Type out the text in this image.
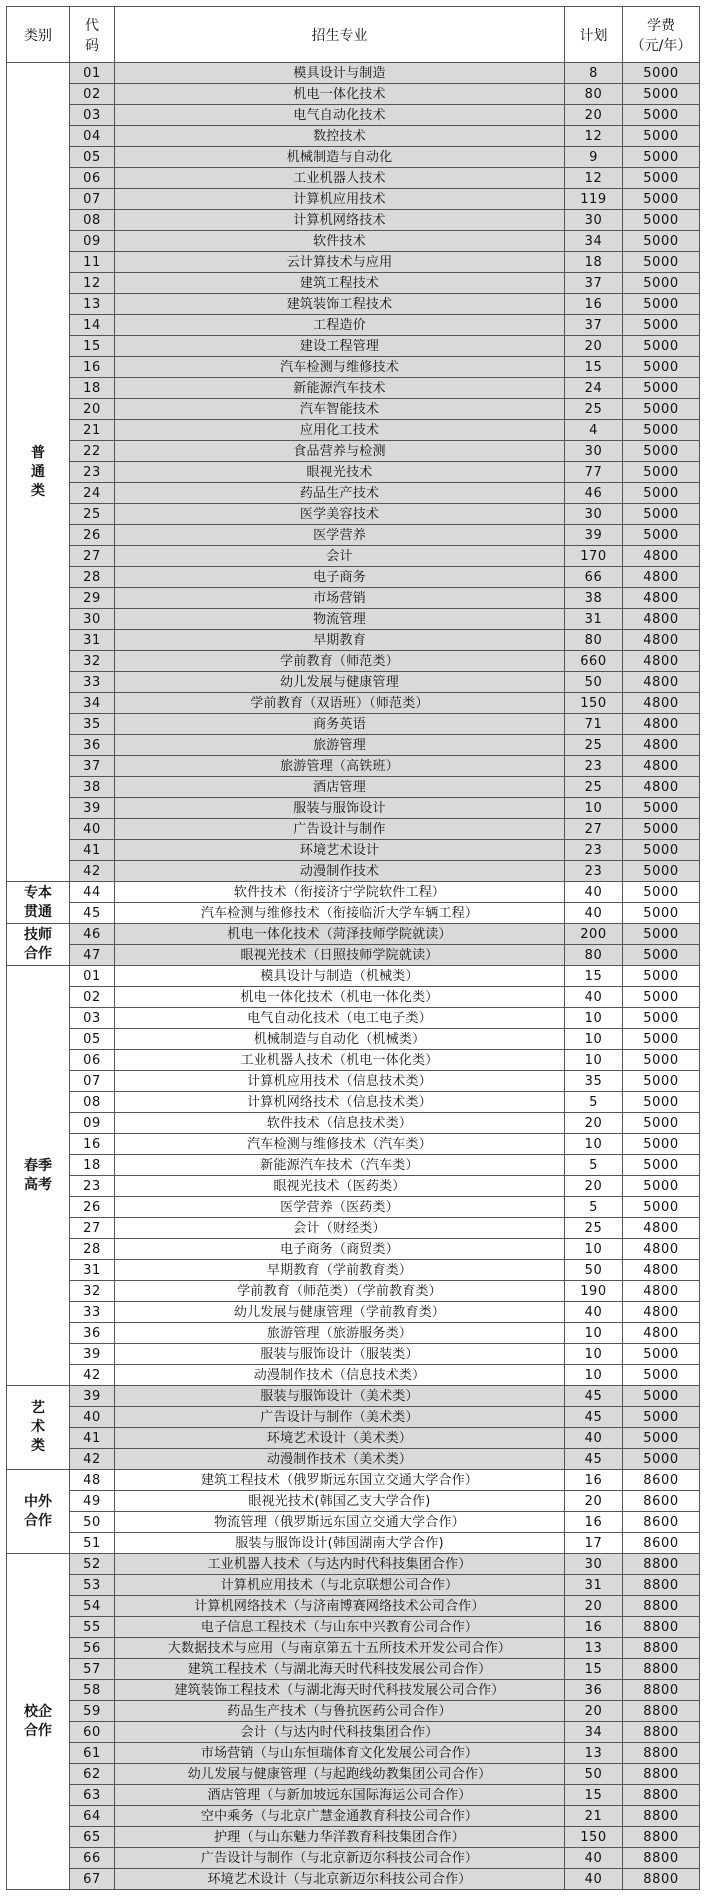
类别	代
码	招生专业	计划	学费
（元/年）

普
通
类	01	模具设计与制造	8	5000
	02	机电一体化技术	80	5000
	03	电气自动化技术	20	5000
	04	数控技术	12	5000
	05	机械制造与自动化	9	5000
	06	工业机器人技术	12	5000
	07	计算机应用技术	119	5000
	08	计算机网络技术	30	5000
	09	软件技术	34	5000
	11	云计算技术与应用	18	5000
	12	建筑工程技术	37	5000
	13	建筑装饰工程技术	16	5000
	14	工程造价	37	5000
	15	建设工程管理	20	5000
	16	汽车检测与维修技术	15	5000
	18	新能源汽车技术	24	5000
	20	汽车智能技术	25	5000
	21	应用化工技术	4	5000
	22	食品营养与检测	30	5000
	23	眼视光技术	77	5000
	24	药品生产技术	46	5000
	25	医学美容技术	30	5000
	26	医学营养	39	5000
	27	会计	170	4800
	28	电子商务	66	4800
	29	市场营销	38	4800
	30	物流管理	31	4800
	31	早期教育	80	4800
	32	学前教育（师范类）	660	4800
	33	幼儿发展与健康管理	50	4800
	34	学前教育（双语班）（师范类）	150	4800
	35	商务英语	71	4800
	36	旅游管理	25	4800
	37	旅游管理（高铁班）	23	4800
	38	酒店管理	25	4800
	39	服装与服饰设计	10	5000
	40	广告设计与制作	27	5000
	41	环境艺术设计	23	5000
	42	动漫制作技术	23	5000
专本
贯通	44	软件技术（衔接济宁学院软件工程）	40	5000
	45	汽车检测与维修技术（衔接临沂大学车辆工程）	40	5000
技师
合作	46	机电一体化技术（菏泽技师学院就读）	200	5000
	47	眼视光技术（日照技师学院就读）	80	5000
春季
高考	01	模具设计与制造（机械类）	15	5000
	02	机电一体化技术（机电一体化类）	40	5000
	03	电气自动化技术（电工电子类）	10	5000
	05	机械制造与自动化（机械类）	10	5000
	06	工业机器人技术（机电一体化类）	10	5000
	07	计算机应用技术（信息技术类）	35	5000
	08	计算机网络技术（信息技术类）	5	5000
	09	软件技术（信息技术类）	20	5000
	16	汽车检测与维修技术（汽车类）	10	5000
	18	新能源汽车技术（汽车类）	5	5000
	23	眼视光技术（医药类）	20	5000
	26	医学营养（医药类）	5	5000
	27	会计（财经类）	25	4800
	28	电子商务（商贸类）	10	4800
	31	早期教育（学前教育类）	50	4800
	32	学前教育（师范类）（学前教育类）	190	4800
	33	幼儿发展与健康管理（学前教育类）	40	4800
	36	旅游管理（旅游服务类）	10	4800
	39	服装与服饰设计（服装类）	10	5000
	42	动漫制作技术（信息技术类）	10	5000
艺
术
类	39	服装与服饰设计（美术类）	45	5000
	40	广告设计与制作（美术类）	45	5000
	41	环境艺术设计（美术类）	40	5000
	42	动漫制作技术（美术类）	45	5000
中外
合作	48	建筑工程技术（俄罗斯远东国立交通大学合作）	16	8600
	49	眼视光技术(韩国乙支大学合作)	20	8600
	50	物流管理（俄罗斯远东国立交通大学合作）	16	8600
	51	服装与服饰设计(韩国湖南大学合作)	17	8600
校企
合作	52	工业机器人技术（与达内时代科技集团合作）	30	8800
	53	计算机应用技术（与北京联想公司合作）	31	8800
	54	计算机网络技术（与济南博赛网络技术公司合作）	20	8800
	55	电子信息工程技术（与山东中兴教育公司合作）	16	8800
	56	大数据技术与应用（与南京第五十五所技术开发公司合作）	13	8800
	57	建筑工程技术（与湖北海天时代科技发展公司合作）	15	8800
	58	建筑装饰工程技术（与湖北海天时代科技发展公司合作）	36	8800
	59	药品生产技术（与鲁抗医药公司合作）	20	8800
	60	会计（与达内时代科技集团合作）	34	8800
	61	市场营销（与山东恒瑞体育文化发展公司合作）	13	8800
	62	幼儿发展与健康管理（与起跑线幼教集团公司合作）	50	8800
	63	酒店管理（与新加坡远东国际海运公司合作）	15	8800
	64	空中乘务（与北京广慧金通教育科技公司合作）	21	8800
	65	护理（与山东魅力华洋教育科技集团合作）	150	8800
	66	广告设计与制作（与北京新迈尔科技公司合作）	40	8800
	67	环境艺术设计（与北京新迈尔科技公司合作）	40	8800
